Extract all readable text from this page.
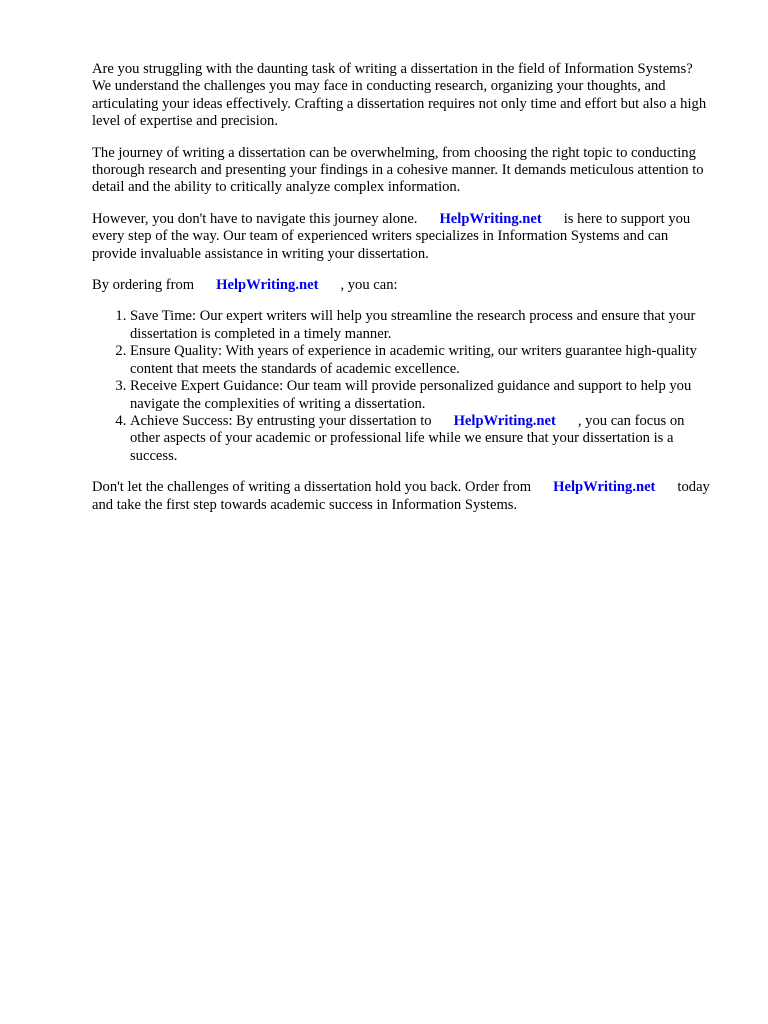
Are you struggling with the daunting task of writing a dissertation in the field of Information Systems? We understand the challenges you may face in conducting research, organizing your thoughts, and articulating your ideas effectively. Crafting a dissertation requires not only time and effort but also a high level of expertise and precision.

The journey of writing a dissertation can be overwhelming, from choosing the right topic to conducting thorough research and presenting your findings in a cohesive manner. It demands meticulous attention to detail and the ability to critically analyze complex information.

However, you don't have to navigate this journey alone. HelpWriting.net is here to support you every step of the way. Our team of experienced writers specializes in Information Systems and can provide invaluable assistance in writing your dissertation.

By ordering from HelpWriting.net , you can:

1. Save Time: Our expert writers will help you streamline the research process and ensure that your dissertation is completed in a timely manner.
2. Ensure Quality: With years of experience in academic writing, our writers guarantee high-quality content that meets the standards of academic excellence.
3. Receive Expert Guidance: Our team will provide personalized guidance and support to help you navigate the complexities of writing a dissertation.
4. Achieve Success: By entrusting your dissertation to HelpWriting.net , you can focus on other aspects of your academic or professional life while we ensure that your dissertation is a success.

Don't let the challenges of writing a dissertation hold you back. Order from HelpWriting.net today and take the first step towards academic success in Information Systems.
